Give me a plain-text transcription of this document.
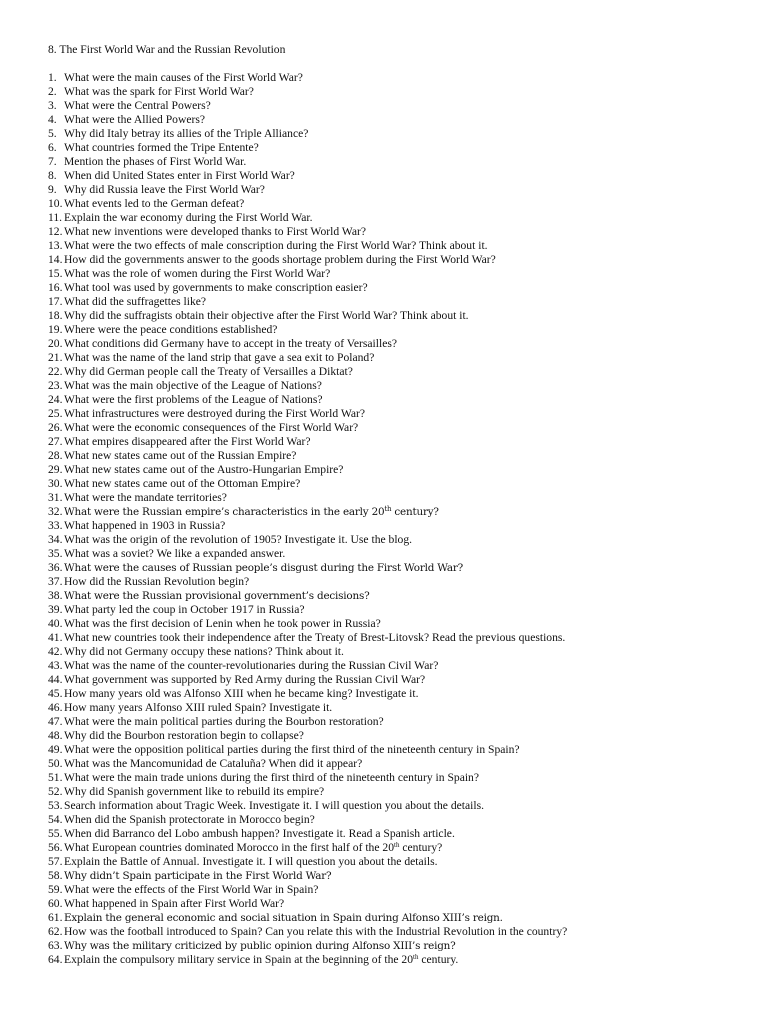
8. The First World War and the Russian Revolution
1. What were the main causes of the First World War?
2. What was the spark for First World War?
3. What were the Central Powers?
4. What were the Allied Powers?
5. Why did Italy betray its allies of the Triple Alliance?
6. What countries formed the Tripe Entente?
7. Mention the phases of First World War.
8. When did United States enter in First World War?
9. Why did Russia leave the First World War?
10. What events led to the German defeat?
11. Explain the war economy during the First World War.
12. What new inventions were developed thanks to First World War?
13. What were the two effects of male conscription during the First World War? Think about it.
14. How did the governments answer to the goods shortage problem during the First World War?
15. What was the role of women during the First World War?
16. What tool was used by governments to make conscription easier?
17. What did the suffragettes like?
18. Why did the suffragists obtain their objective after the First World War? Think about it.
19. Where were the peace conditions established?
20. What conditions did Germany have to accept in the treaty of Versailles?
21. What was the name of the land strip that gave a sea exit to Poland?
22. Why did German people call the Treaty of Versailles a Diktat?
23. What was the main objective of the League of Nations?
24. What were the first problems of the League of Nations?
25. What infrastructures were destroyed during the First World War?
26. What were the economic consequences of the First World War?
27. What empires disappeared after the First World War?
28. What new states came out of the Russian Empire?
29. What new states came out of the Austro-Hungarian Empire?
30. What new states came out of the Ottoman Empire?
31. What were the mandate territories?
32. What were the Russian empire’s characteristics in the early 20th century?
33. What happened in 1903 in Russia?
34. What was the origin of the revolution of 1905? Investigate it. Use the blog.
35. What was a soviet? We like a expanded answer.
36. What were the causes of Russian people’s disgust during the First World War?
37. How did the Russian Revolution begin?
38. What were the Russian provisional government’s decisions?
39. What party led the coup in October 1917 in Russia?
40. What was the first decision of Lenin when he took power in Russia?
41. What new countries took their independence after the Treaty of Brest-Litovsk? Read the previous questions.
42. Why did not Germany occupy these nations? Think about it.
43. What was the name of the counter-revolutionaries during the Russian Civil War?
44. What government was supported by Red Army during the Russian Civil War?
45. How many years old was Alfonso XIII when he became king? Investigate it.
46. How many years Alfonso XIII ruled Spain? Investigate it.
47. What were the main political parties during the Bourbon restoration?
48. Why did the Bourbon restoration begin to collapse?
49. What were the opposition political parties during the first third of the nineteenth century in Spain?
50. What was the Mancomunidad de Cataluña? When did it appear?
51. What were the main trade unions during the first third of the nineteenth century in Spain?
52. Why did Spanish government like to rebuild its empire?
53. Search information about Tragic Week. Investigate it. I will question you about the details.
54. When did the Spanish protectorate in Morocco begin?
55. When did Barranco del Lobo ambush happen? Investigate it. Read a Spanish article.
56. What European countries dominated Morocco in the first half of the 20th century?
57. Explain the Battle of Annual. Investigate it. I will question you about the details.
58. Why didn’t Spain participate in the First World War?
59. What were the effects of the First World War in Spain?
60. What happened in Spain after First World War?
61. Explain the general economic and social situation in Spain during Alfonso XIII’s reign.
62. How was the football introduced to Spain? Can you relate this with the Industrial Revolution in the country?
63. Why was the military criticized by public opinion during Alfonso XIII’s reign?
64. Explain the compulsory military service in Spain at the beginning of the 20th century.
